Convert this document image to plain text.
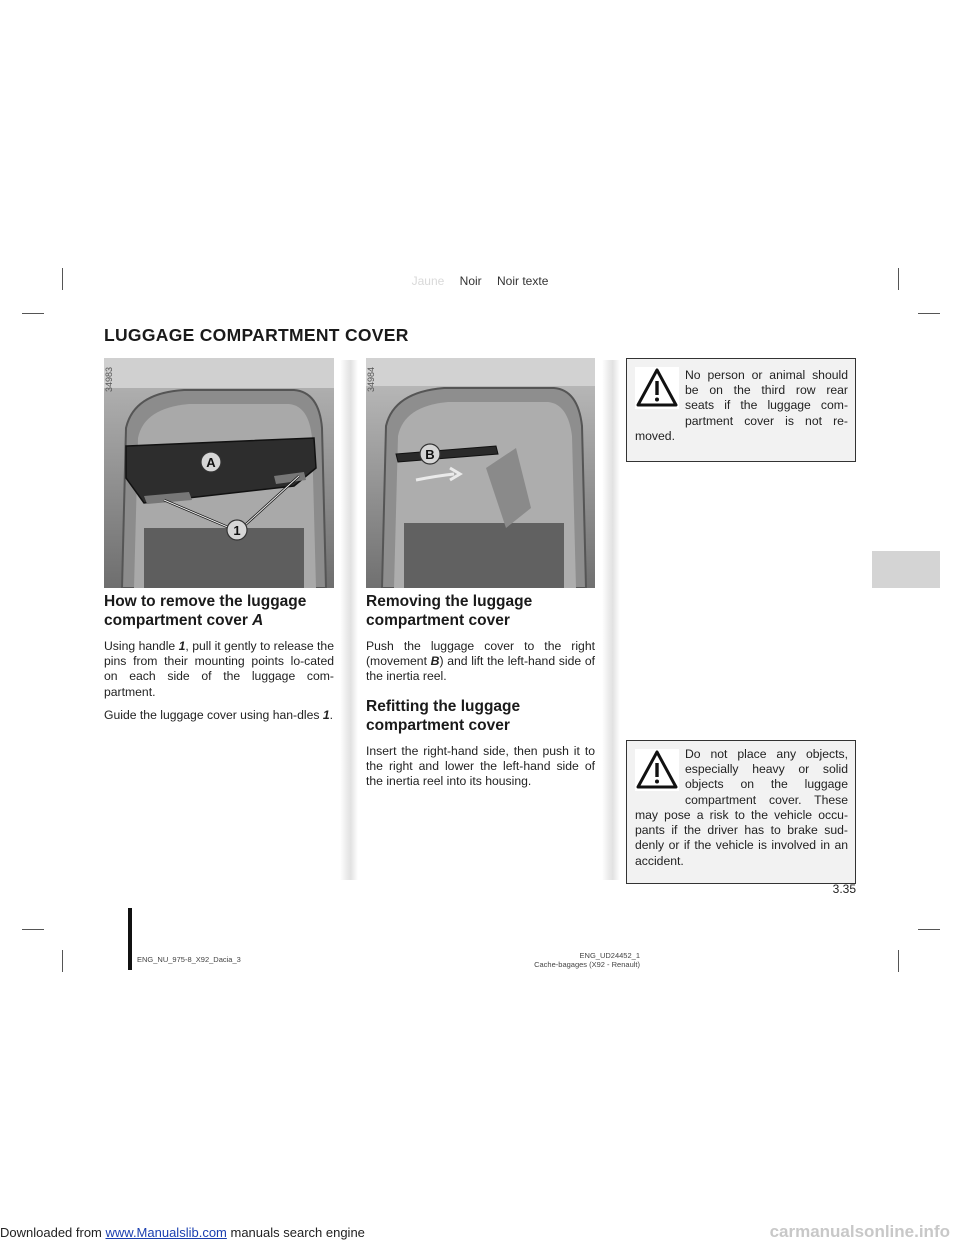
Jaune Noir Noir texte
LUGGAGE COMPARTMENT COVER
A
1
34983
B
34984
How to remove the luggage
compartment cover A
Using handle 1, pull it gently to release the pins from their mounting points lo-cated on each side of the luggage com-partment.
Guide the luggage cover using han-dles 1.
Removing the luggage
compartment cover
Push the luggage cover to the right (movement B) and lift the left-hand side of the inertia reel.
Refitting the luggage
compartment cover
Insert the right-hand side, then push it to the right and lower the left-hand side of the inertia reel into its housing.
No person or animal should
be on the third row rear
seats if the luggage com-
partment cover is not re-
moved.
Do not place any objects,
especially heavy or solid
objects on the luggage
compartment cover. These
may pose a risk to the vehicle occu-pants if the driver has to brake sud-denly or if the vehicle is involved in an accident.
3.35
ENG_NU_975-8_X92_Dacia_3	ENG_UD24452_1
Cache-bagages (X92 - Renault)
Downloaded from www.Manualslib.com manuals search engine	carmanualsonline.info
